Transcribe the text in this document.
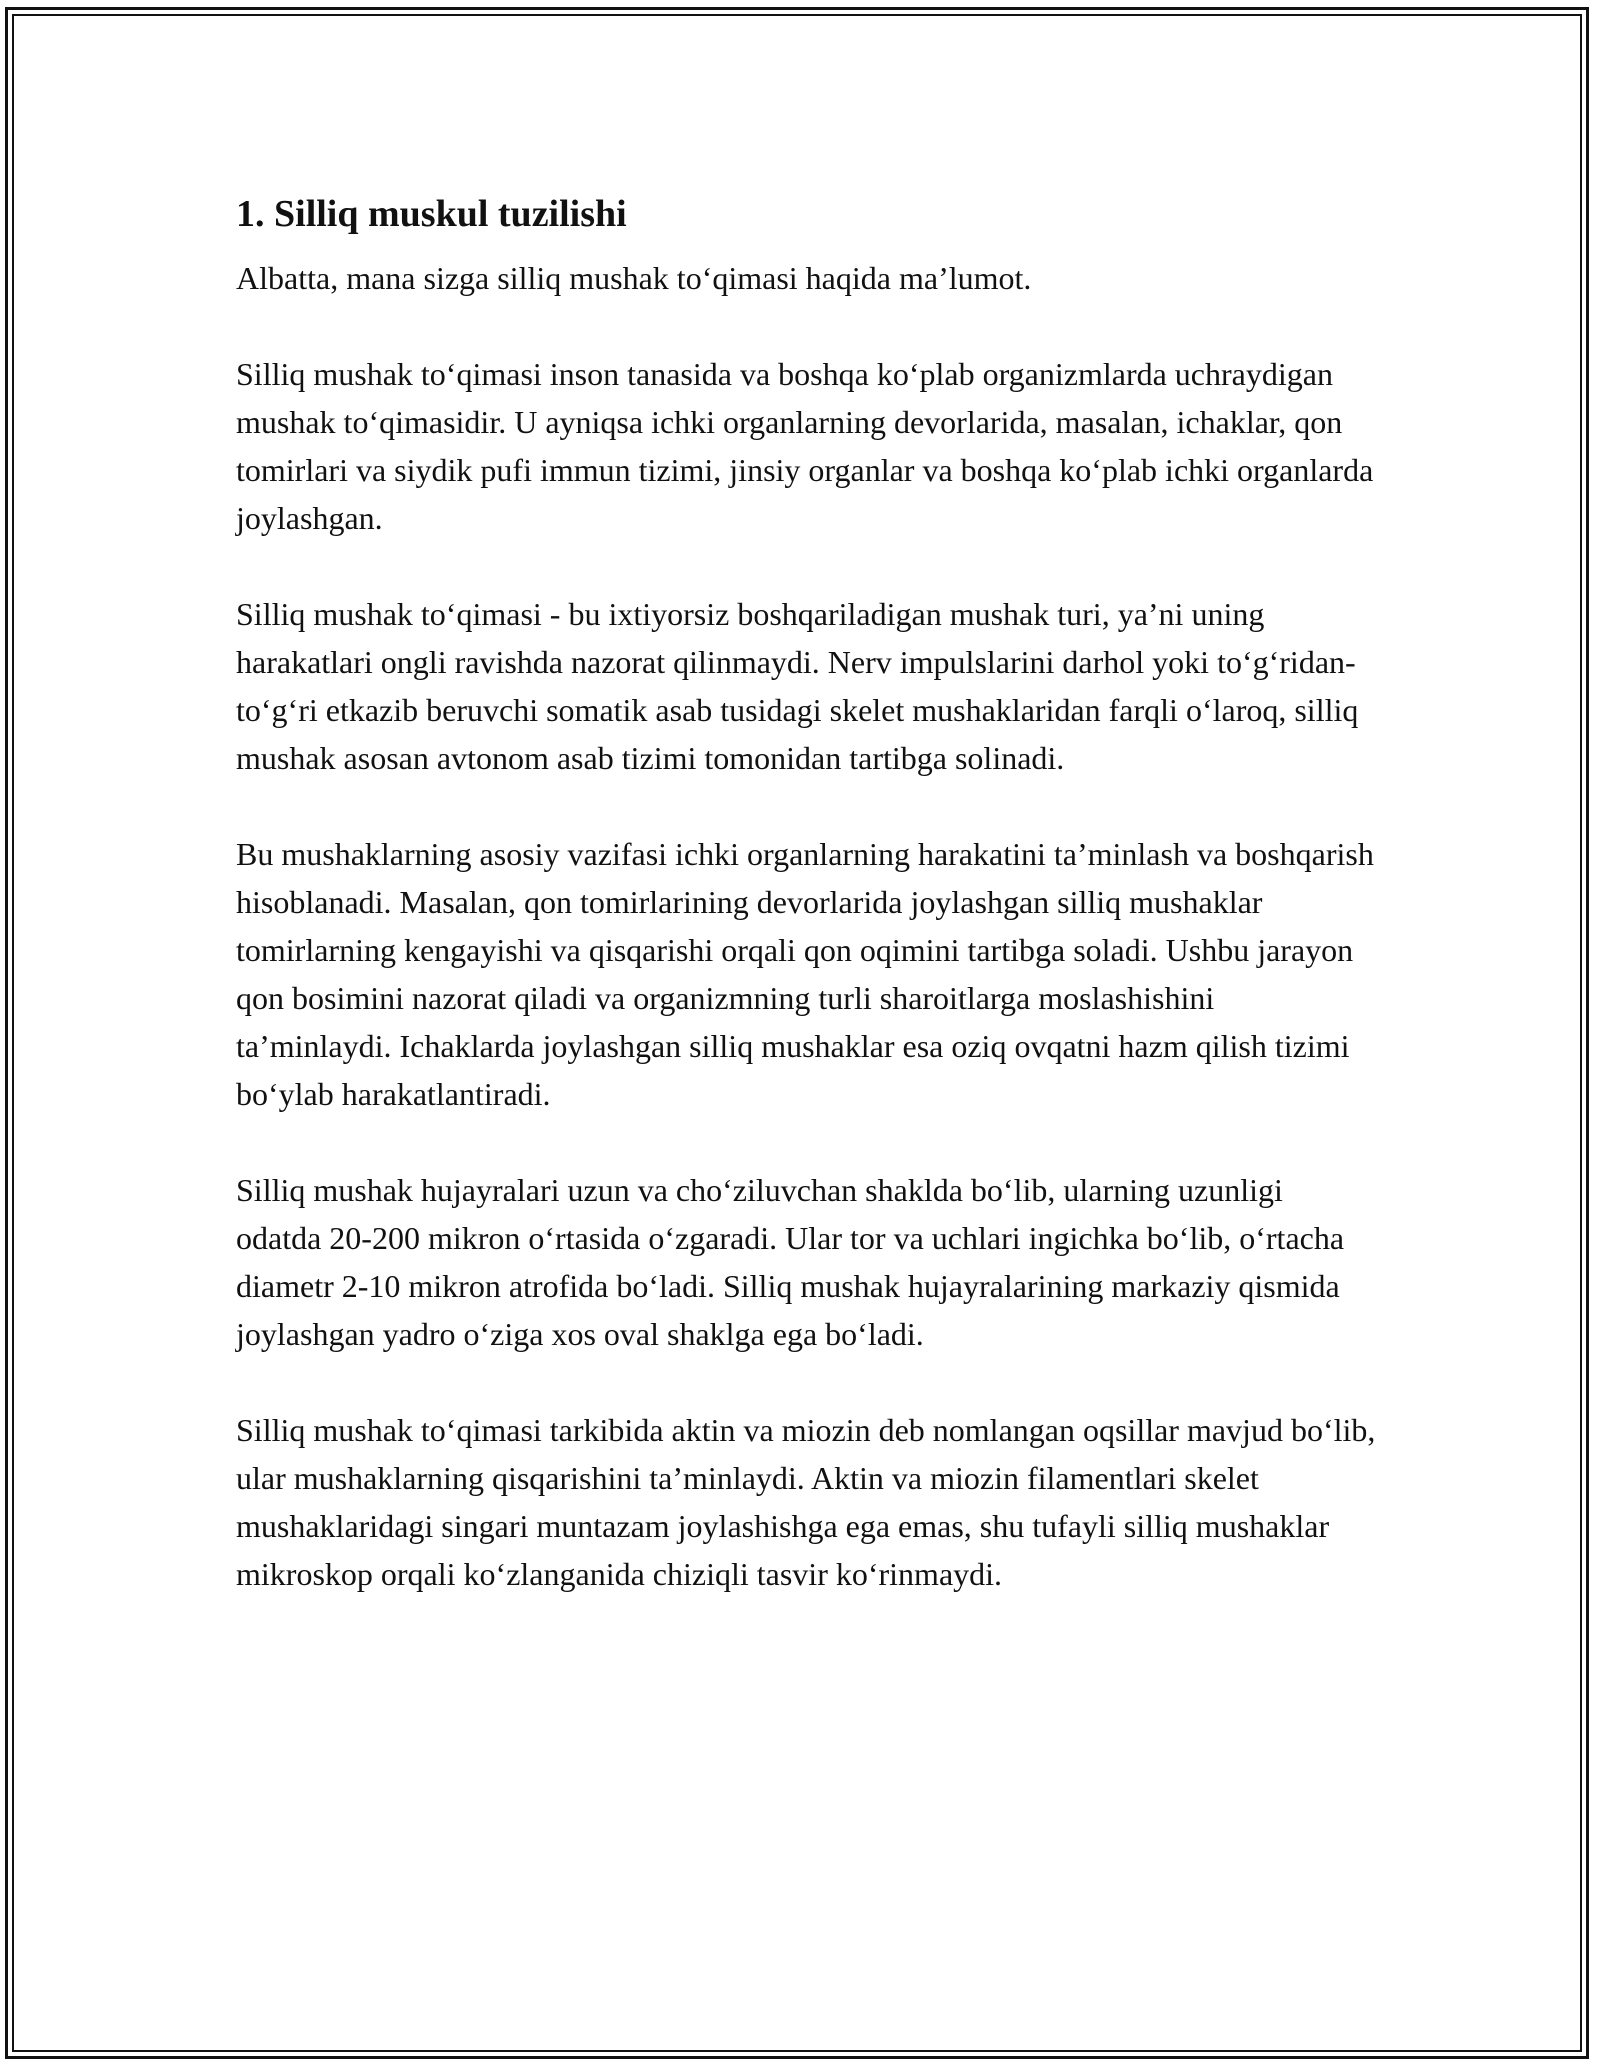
1. Silliq muskul tuzilishi

Albatta, mana sizga silliq mushak to‘qimasi haqida ma’lumot.

Silliq mushak to‘qimasi inson tanasida va boshqa ko‘plab organizmlarda uchraydigan mushak to‘qimasidir. U ayniqsa ichki organlarning devorlarida, masalan, ichaklar, qon tomirlari va siydik pufi immun tizimi, jinsiy organlar va boshqa ko‘plab ichki organlarda joylashgan.

Silliq mushak to‘qimasi - bu ixtiyorsiz boshqariladigan mushak turi, ya’ni uning harakatlari ongli ravishda nazorat qilinmaydi. Nerv impulslarini darhol yoki to‘g‘ridan-to‘g‘ri etkazib beruvchi somatik asab tusidagi skelet mushaklaridan farqli o‘laroq, silliq mushak asosan avtonom asab tizimi tomonidan tartibga solinadi.

Bu mushaklarning asosiy vazifasi ichki organlarning harakatini ta’minlash va boshqarish hisoblanadi. Masalan, qon tomirlarining devorlarida joylashgan silliq mushaklar tomirlarning kengayishi va qisqarishi orqali qon oqimini tartibga soladi. Ushbu jarayon qon bosimini nazorat qiladi va organizmning turli sharoitlarga moslashishini ta’minlaydi. Ichaklarda joylashgan silliq mushaklar esa oziq ovqatni hazm qilish tizimi bo‘ylab harakatlantiradi.

Silliq mushak hujayralari uzun va cho‘ziluvchan shaklda bo‘lib, ularning uzunligi odatda 20-200 mikron o‘rtasida o‘zgaradi. Ular tor va uchlari ingichka bo‘lib, o‘rtacha diametr 2-10 mikron atrofida bo‘ladi. Silliq mushak hujayralarining markaziy qismida joylashgan yadro o‘ziga xos oval shaklga ega bo‘ladi.

Silliq mushak to‘qimasi tarkibida aktin va miozin deb nomlangan oqsillar mavjud bo‘lib, ular mushaklarning qisqarishini ta’minlaydi. Aktin va miozin filamentlari skelet mushaklaridagi singari muntazam joylashishga ega emas, shu tufayli silliq mushaklar mikroskop orqali ko‘zlanganida chiziqli tasvir ko‘rinmaydi.
